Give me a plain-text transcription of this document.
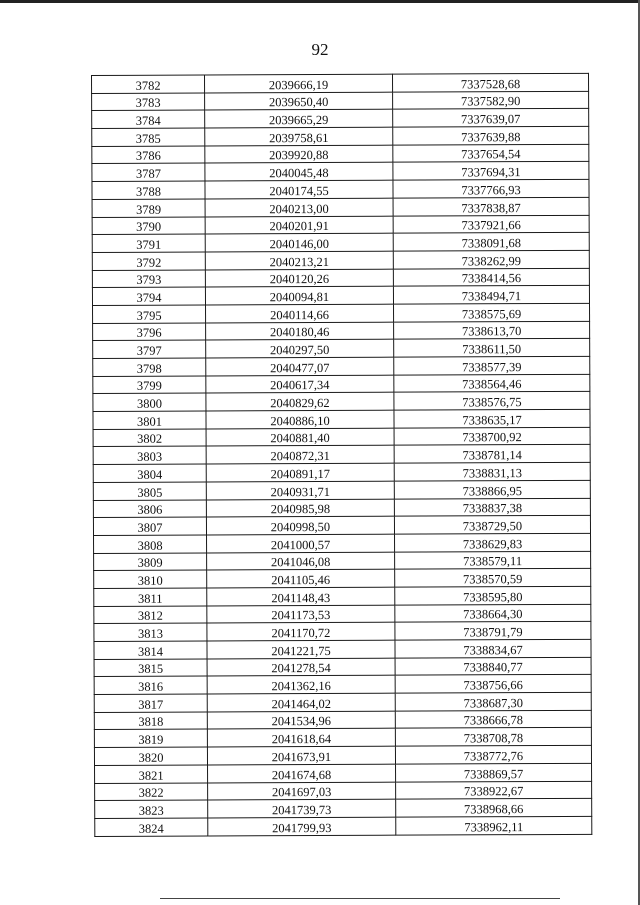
92
3782	2039666,19	7337528,68
3783	2039650,40	7337582,90
3784	2039665,29	7337639,07
3785	2039758,61	7337639,88
3786	2039920,88	7337654,54
3787	2040045,48	7337694,31
3788	2040174,55	7337766,93
3789	2040213,00	7337838,87
3790	2040201,91	7337921,66
3791	2040146,00	7338091,68
3792	2040213,21	7338262,99
3793	2040120,26	7338414,56
3794	2040094,81	7338494,71
3795	2040114,66	7338575,69
3796	2040180,46	7338613,70
3797	2040297,50	7338611,50
3798	2040477,07	7338577,39
3799	2040617,34	7338564,46
3800	2040829,62	7338576,75
3801	2040886,10	7338635,17
3802	2040881,40	7338700,92
3803	2040872,31	7338781,14
3804	2040891,17	7338831,13
3805	2040931,71	7338866,95
3806	2040985,98	7338837,38
3807	2040998,50	7338729,50
3808	2041000,57	7338629,83
3809	2041046,08	7338579,11
3810	2041105,46	7338570,59
3811	2041148,43	7338595,80
3812	2041173,53	7338664,30
3813	2041170,72	7338791,79
3814	2041221,75	7338834,67
3815	2041278,54	7338840,77
3816	2041362,16	7338756,66
3817	2041464,02	7338687,30
3818	2041534,96	7338666,78
3819	2041618,64	7338708,78
3820	2041673,91	7338772,76
3821	2041674,68	7338869,57
3822	2041697,03	7338922,67
3823	2041739,73	7338968,66
3824	2041799,93	7338962,11
